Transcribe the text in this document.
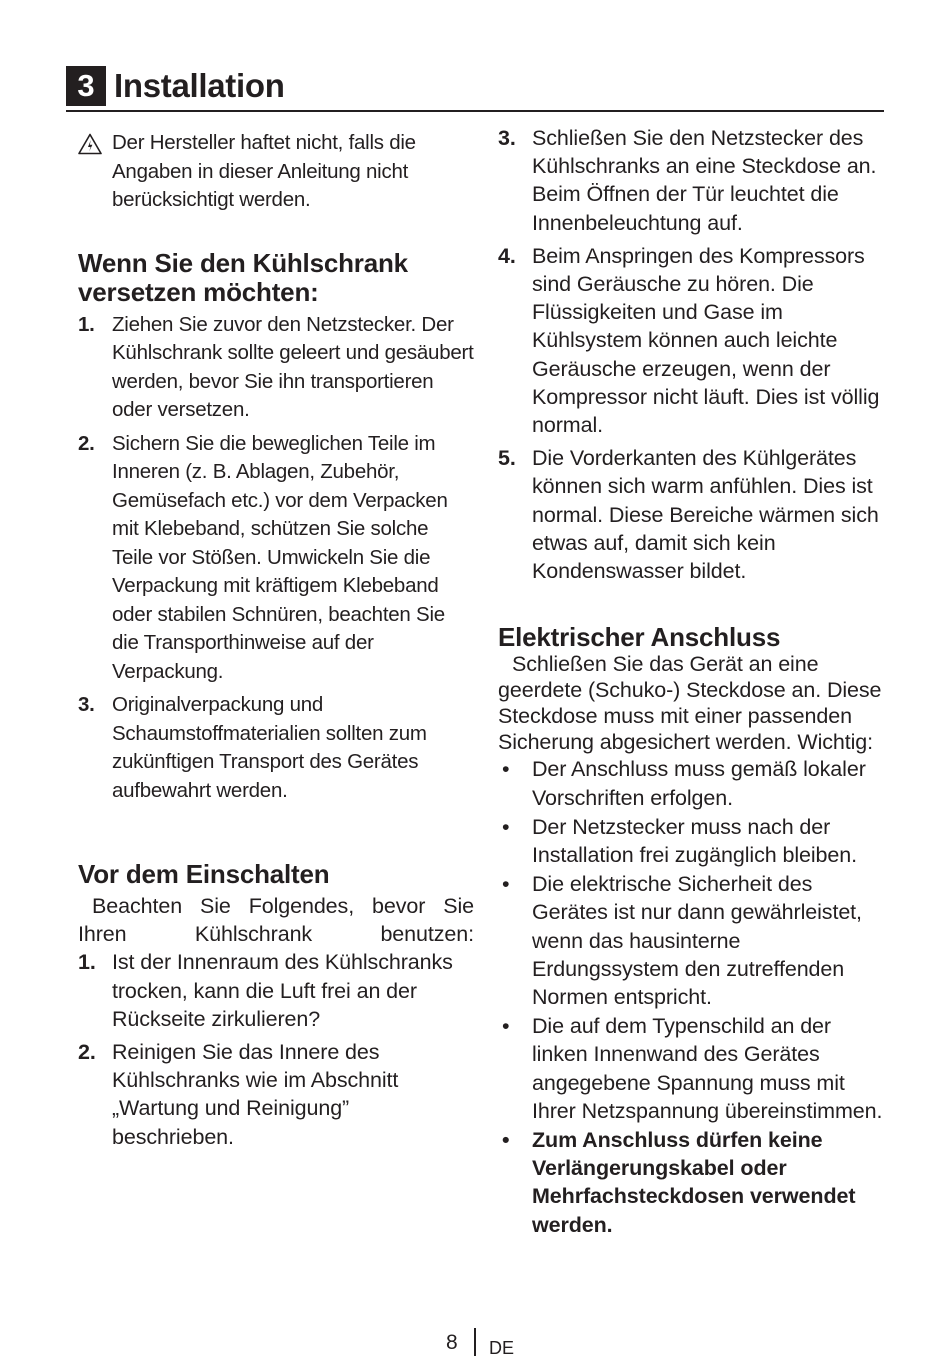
3 Installation
Der Hersteller haftet nicht, falls die Angaben in dieser Anleitung nicht berücksichtigt werden.
Wenn Sie den Kühlschrank versetzen möchten:
1. Ziehen Sie zuvor den Netzstecker. Der Kühlschrank sollte geleert und gesäubert werden, bevor Sie ihn transportieren oder versetzen.
2. Sichern Sie die beweglichen Teile im Inneren (z. B. Ablagen, Zubehör, Gemüsefach etc.) vor dem Verpacken mit Klebeband, schützen Sie solche Teile vor Stößen. Umwickeln Sie die Verpackung mit kräftigem Klebeband oder stabilen Schnüren, beachten Sie die Transporthinweise auf der Verpackung.
3. Originalverpackung und Schaumstoffmaterialien sollten zum zukünftigen Transport des Gerätes aufbewahrt werden.
Vor dem Einschalten
Beachten Sie Folgendes, bevor Sie Ihren Kühlschrank benutzen:
1. Ist der Innenraum des Kühlschranks trocken, kann die Luft frei an der Rückseite zirkulieren?
2. Reinigen Sie das Innere des Kühlschranks wie im Abschnitt „Wartung und Reinigung” beschrieben.
3. Schließen Sie den Netzstecker des Kühlschranks an eine Steckdose an. Beim Öffnen der Tür leuchtet die Innenbeleuchtung auf.
4. Beim Anspringen des Kompressors sind Geräusche zu hören. Die Flüssigkeiten und Gase im Kühlsystem können auch leichte Geräusche erzeugen, wenn der Kompressor nicht läuft. Dies ist völlig normal.
5. Die Vorderkanten des Kühlgerätes können sich warm anfühlen. Dies ist normal. Diese Bereiche wärmen sich etwas auf, damit sich kein Kondenswasser bildet.
Elektrischer Anschluss
Schließen Sie das Gerät an eine geerdete (Schuko-) Steckdose an. Diese Steckdose muss mit einer passenden Sicherung abgesichert werden. Wichtig:
• Der Anschluss muss gemäß lokaler Vorschriften erfolgen.
• Der Netzstecker muss nach der Installation frei zugänglich bleiben.
• Die elektrische Sicherheit des Gerätes ist nur dann gewährleistet, wenn das hausinterne Erdungssystem den zutreffenden Normen entspricht.
• Die auf dem Typenschild an der linken Innenwand des Gerätes angegebene Spannung muss mit Ihrer Netzspannung übereinstimmen.
• Zum Anschluss dürfen keine Verlängerungskabel oder Mehrfachsteckdosen verwendet werden.
8 DE
